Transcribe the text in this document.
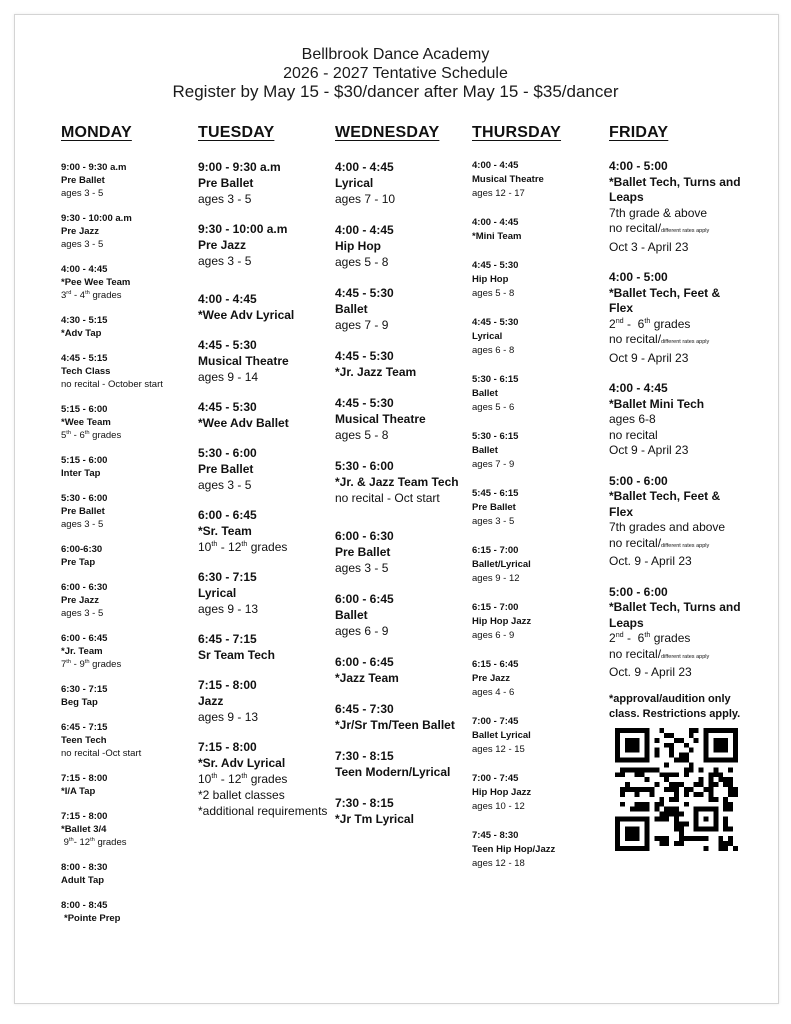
Bellbrook Dance Academy
2026 - 2027 Tentative Schedule
Register by May 15 - $30/dancer after May 15 - $35/dancer
MONDAY
9:00 - 9:30 a.m
Pre Ballet
ages 3 - 5
9:30 - 10:00 a.m
Pre Jazz
ages 3 - 5
4:00 - 4:45
*Pee Wee Team
3rd - 4th grades
4:30 - 5:15
*Adv Tap
4:45 - 5:15
Tech Class
no recital - October start
5:15 - 6:00
*Wee Team
5th - 6th grades
5:15 - 6:00
Inter Tap
5:30 - 6:00
Pre Ballet
ages 3 - 5
6:00-6:30
Pre Tap
6:00 - 6:30
Pre Jazz
ages 3 - 5
6:00 - 6:45
*Jr. Team
7th - 9th grades
6:30 - 7:15
Beg Tap
6:45 - 7:15
Teen Tech
no recital -Oct start
7:15 - 8:00
*I/A Tap
7:15 - 8:00
*Ballet 3/4
9th- 12th grades
8:00 - 8:30
Adult Tap
8:00 - 8:45
*Pointe Prep
TUESDAY
9:00 - 9:30 a.m
Pre Ballet
ages 3 - 5
9:30 - 10:00 a.m
Pre Jazz
ages 3 - 5
4:00 - 4:45
*Wee Adv Lyrical
4:45 - 5:30
Musical Theatre
ages 9 - 14
4:45 - 5:30
*Wee Adv Ballet
5:30 - 6:00
Pre Ballet
ages 3 - 5
6:00 - 6:45
*Sr. Team
10th - 12th grades
6:30 - 7:15
Lyrical
ages 9 - 13
6:45 - 7:15
Sr Team Tech
7:15 - 8:00
Jazz
ages 9 - 13
7:15 - 8:00
*Sr. Adv Lyrical
10th - 12th grades
*2 ballet classes
*additional requirements
WEDNESDAY
4:00 - 4:45
Lyrical
ages 7 - 10
4:00 - 4:45
Hip Hop
ages 5 - 8
4:45 - 5:30
Ballet
ages 7 - 9
4:45 - 5:30
*Jr. Jazz Team
4:45 - 5:30
Musical Theatre
ages 5 - 8
5:30 - 6:00
*Jr. & Jazz Team Tech
no recital - Oct start
6:00 - 6:30
Pre Ballet
ages 3 - 5
6:00 - 6:45
Ballet
ages 6 - 9
6:00 - 6:45
*Jazz Team
6:45 - 7:30
*Jr/Sr Tm/Teen Ballet
7:30 - 8:15
Teen Modern/Lyrical
7:30 - 8:15
*Jr Tm Lyrical
THURSDAY
4:00 - 4:45
Musical Theatre
ages 12 - 17
4:00 - 4:45
*Mini Team
4:45 - 5:30
Hip Hop
ages 5 - 8
4:45 - 5:30
Lyrical
ages 6 - 8
5:30 - 6:15
Ballet
ages 5 - 6
5:30 - 6:15
Ballet
ages 7 - 9
5:45 - 6:15
Pre Ballet
ages 3 - 5
6:15 - 7:00
Ballet/Lyrical
ages 9 - 12
6:15 - 7:00
Hip Hop Jazz
ages 6 - 9
6:15 - 6:45
Pre Jazz
ages 4 - 6
7:00 - 7:45
Ballet Lyrical
ages 12 - 15
7:00 - 7:45
Hip Hop Jazz
ages 10 - 12
7:45 - 8:30
Teen Hip Hop/Jazz
ages 12 - 18
FRIDAY
4:00 - 5:00
*Ballet Tech, Turns and
Leaps
7th grade & above
no recital/different rates apply
Oct 3 - April 23
4:00 - 5:00
*Ballet Tech, Feet &
Flex
2nd -  6th grades
no recital/different rates apply
Oct 9 - April 23
4:00 - 4:45
*Ballet Mini Tech
ages 6-8
no recital
Oct 9 - April 23
5:00 - 6:00
*Ballet Tech, Feet &
Flex
7th grades and above
no recital/different rates apply
Oct. 9 - April 23
5:00 - 6:00
*Ballet Tech, Turns and
Leaps
2nd -  6th grades
no recital/different rates apply
Oct. 9 - April 23
*approval/audition only
class. Restrictions apply.
